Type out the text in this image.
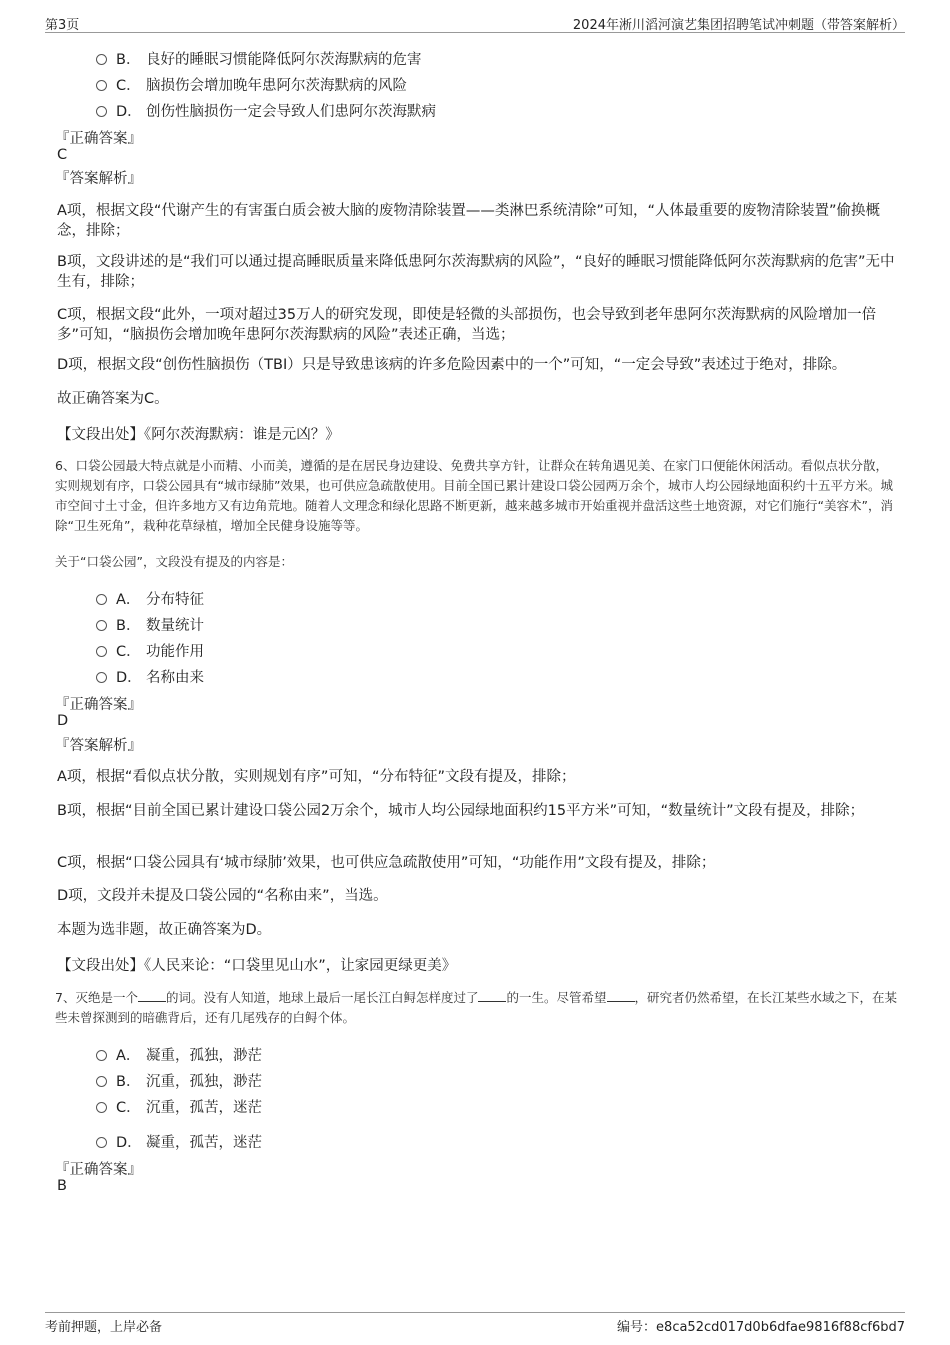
第3页	2024年淅川滔河演艺集团招聘笔试冲刺题（带答案解析）
B． 良好的睡眠习惯能降低阿尔茨海默病的危害
C． 脑损伤会增加晚年患阿尔茨海默病的风险
D． 创伤性脑损伤一定会导致人们患阿尔茨海默病
『正确答案』
C
『答案解析』
A项，根据文段“代谢产生的有害蛋白质会被大脑的废物清除装置——类淋巴系统清除”可知，“人体最重要的废物清除装置”偷换概念，排除；
B项，文段讲述的是“我们可以通过提高睡眠质量来降低患阿尔茨海默病的风险”，“良好的睡眠习惯能降低阿尔茨海默病的危害”无中生有，排除；
C项，根据文段“此外，一项对超过35万人的研究发现，即使是轻微的头部损伤，也会导致到老年患阿尔茨海默病的风险增加一倍多”可知，“脑损伤会增加晚年患阿尔茨海默病的风险”表述正确，当选；
D项，根据文段“创伤性脑损伤（TBI）只是导致患该病的许多危险因素中的一个”可知，“一定会导致”表述过于绝对，排除。
故正确答案为C。
【文段出处】《阿尔茨海默病：谁是元凶？》
6、口袋公园最大特点就是小而精、小而美，遵循的是在居民身边建设、免费共享方针，让群众在转角遇见美、在家门口便能休闲活动。看似点状分散，实则规划有序，口袋公园具有“城市绿肺”效果，也可供应急疏散使用。目前全国已累计建设口袋公园两万余个，城市人均公园绿地面积约十五平方米。城市空间寸土寸金，但许多地方又有边角荒地。随着人文理念和绿化思路不断更新，越来越多城市开始重视并盘活这些土地资源，对它们施行“美容术”，消除“卫生死角”，栽种花草绿植，增加全民健身设施等等。
关于“口袋公园”，文段没有提及的内容是：
A． 分布特征
B． 数量统计
C． 功能作用
D． 名称由来
『正确答案』
D
『答案解析』
A项，根据“看似点状分散，实则规划有序”可知，“分布特征”文段有提及，排除；
B项，根据“目前全国已累计建设口袋公园2万余个，城市人均公园绿地面积约15平方米”可知，“数量统计”文段有提及，排除；
C项，根据“口袋公园具有‘城市绿肺’效果，也可供应急疏散使用”可知，“功能作用”文段有提及，排除；
D项，文段并未提及口袋公园的“名称由来”，当选。
本题为选非题，故正确答案为D。
【文段出处】《人民来论：“口袋里见山水”，让家园更绿更美》
7、灭绝是一个 的词。没有人知道，地球上最后一尾长江白鲟怎样度过了 的一生。尽管希望 ，研究者仍然希望，在长江某些水域之下，在某些未曾探测到的暗礁背后，还有几尾残存的白鲟个体。
A． 凝重，孤独，渺茫
B． 沉重，孤独，渺茫
C． 沉重，孤苦，迷茫
D． 凝重，孤苦，迷茫
『正确答案』
B
考前押题，上岸必备	编号：e8ca52cd017d0b6dfae9816f88cf6bd7
